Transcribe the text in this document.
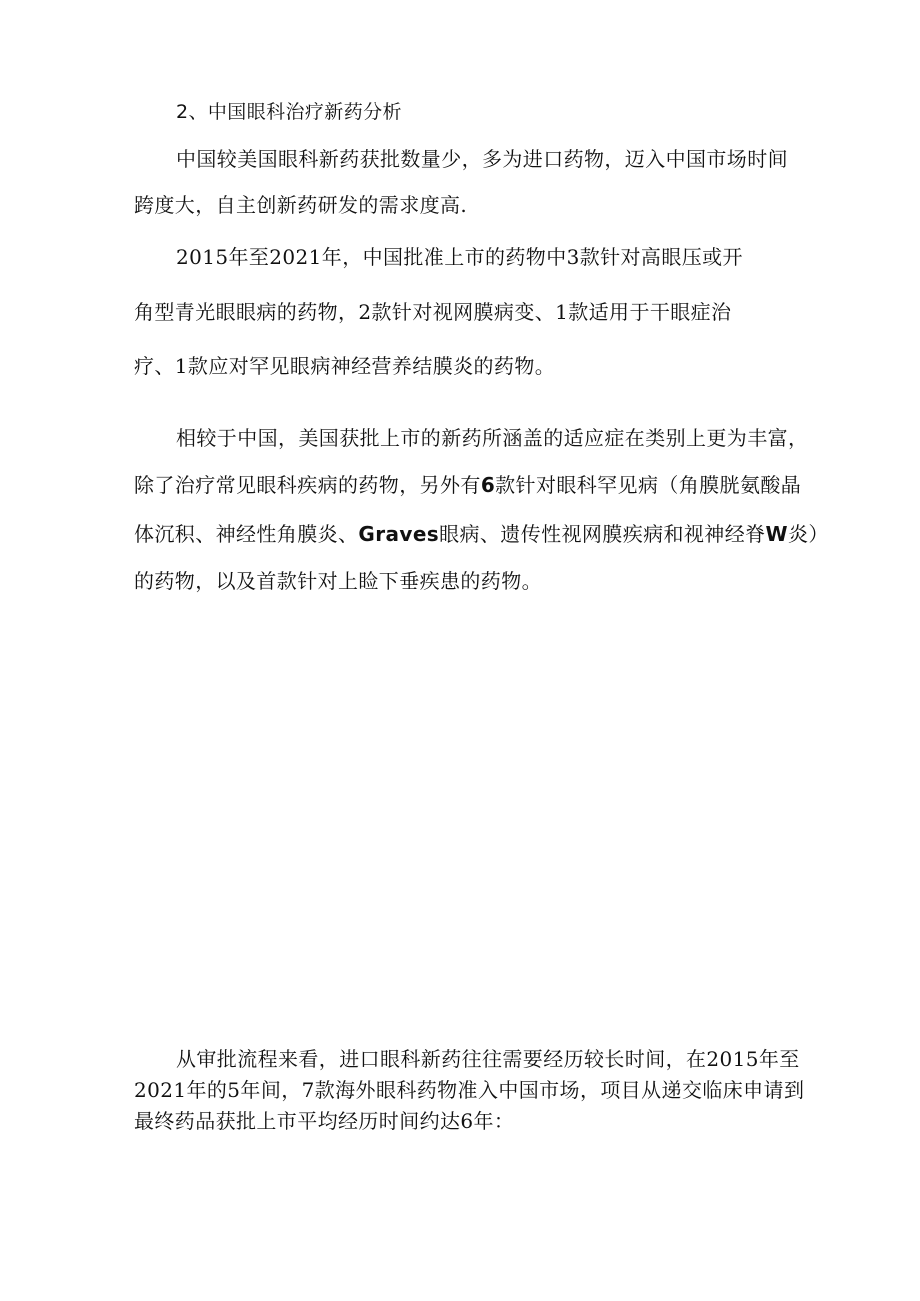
2、中国眼科治疗新药分析
中国较美国眼科新药获批数量少，多为进口药物，迈入中国市场时间
跨度大，自主创新药研发的需求度高.
2015年至2021年，中国批准上市的药物中3款针对高眼压或开
角型青光眼眼病的药物，2款针对视网膜病变、1款适用于干眼症治
疗、1款应对罕见眼病神经营养结膜炎的药物。
相较于中国，美国获批上市的新药所涵盖的适应症在类别上更为丰富，
除了治疗常见眼科疾病的药物，另外有6款针对眼科罕见病（角膜胱氨酸晶
体沉积、神经性角膜炎、Graves眼病、遗传性视网膜疾病和视神经脊W炎）
的药物，以及首款针对上睑下垂疾患的药物。
从审批流程来看，进口眼科新药往往需要经历较长时间，在2015年至
2021年的5年间，7款海外眼科药物准入中国市场，项目从递交临床申请到
最终药品获批上市平均经历时间约达6年：
